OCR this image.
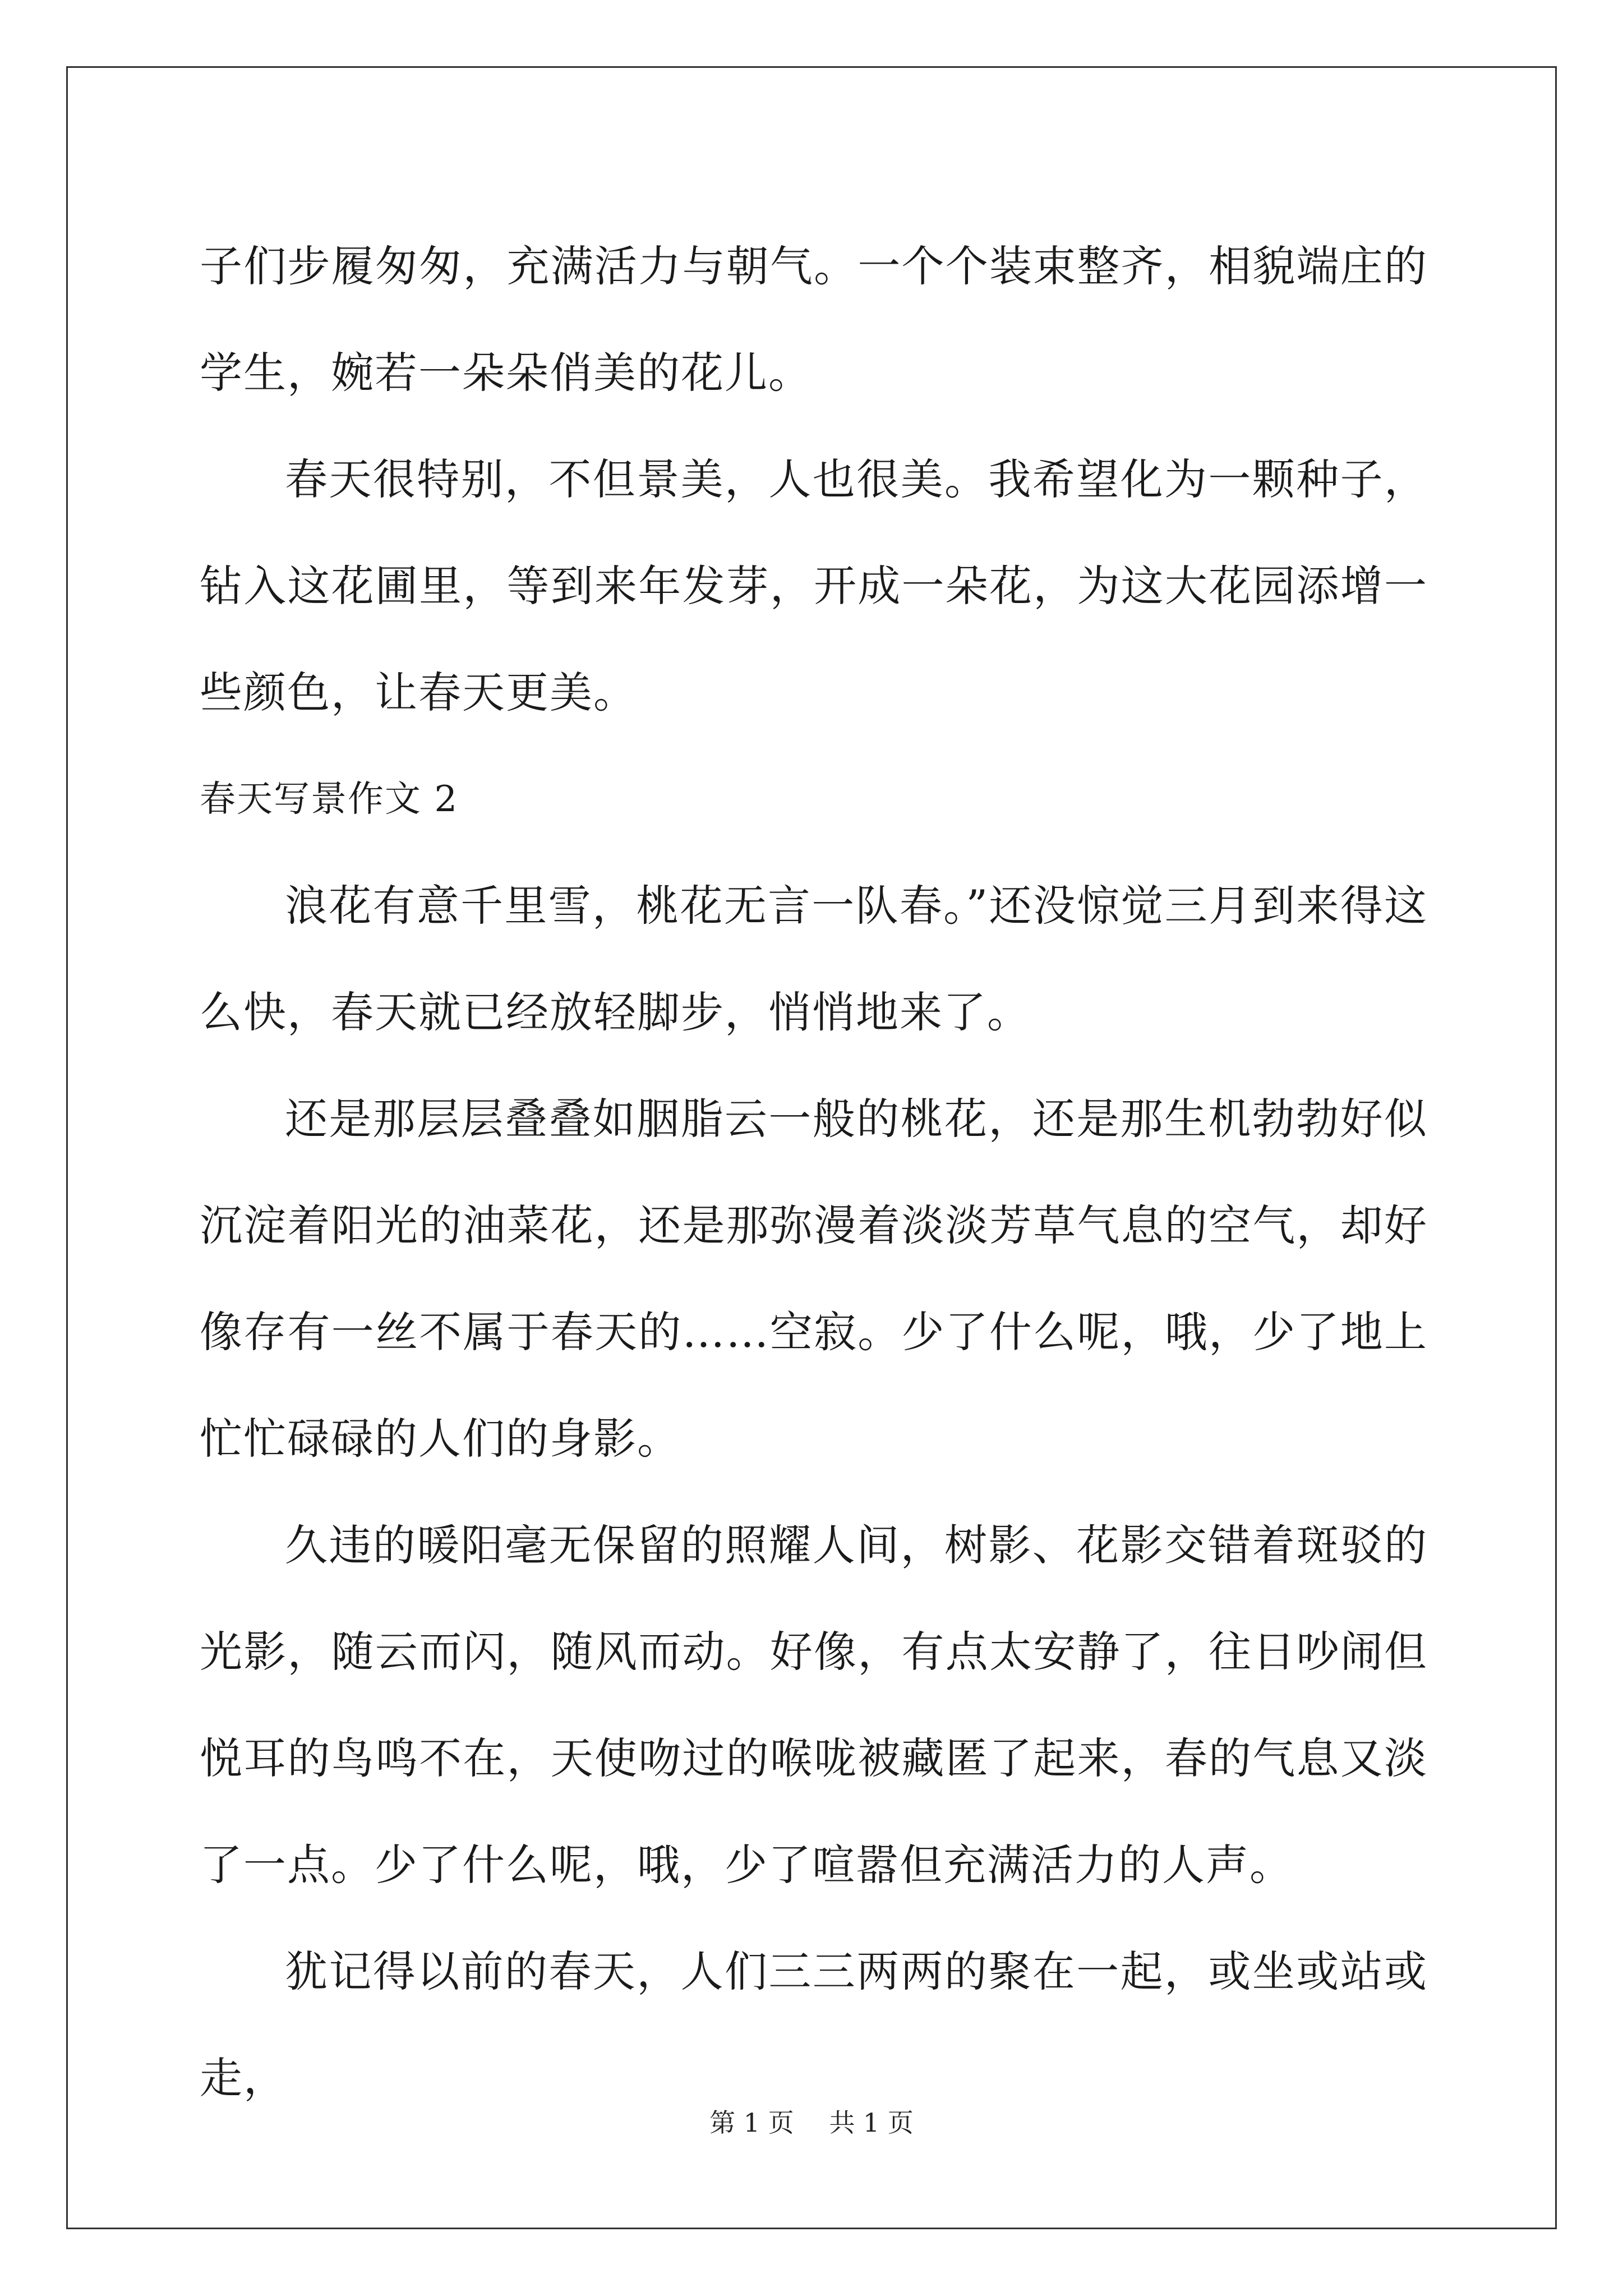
子们步履匆匆，充满活力与朝气。一个个装束整齐，相貌端庄的学生，婉若一朵朵俏美的花儿。

春天很特别，不但景美，人也很美。我希望化为一颗种子，钻入这花圃里，等到来年发芽，开成一朵花，为这大花园添增一些颜色，让春天更美。

春天写景作文 2

浪花有意千里雪，桃花无言一队春。”还没惊觉三月到来得这么快，春天就已经放轻脚步，悄悄地来了。

还是那层层叠叠如胭脂云一般的桃花，还是那生机勃勃好似沉淀着阳光的油菜花，还是那弥漫着淡淡芳草气息的空气，却好像存有一丝不属于春天的……空寂。少了什么呢，哦，少了地上忙忙碌碌的人们的身影。

久违的暖阳毫无保留的照耀人间，树影、花影交错着斑驳的光影，随云而闪，随风而动。好像，有点太安静了，往日吵闹但悦耳的鸟鸣不在，天使吻过的喉咙被藏匿了起来，春的气息又淡了一点。少了什么呢，哦，少了喧嚣但充满活力的人声。

犹记得以前的春天，人们三三两两的聚在一起，或坐或站或走，

第 1 页 共 1 页
